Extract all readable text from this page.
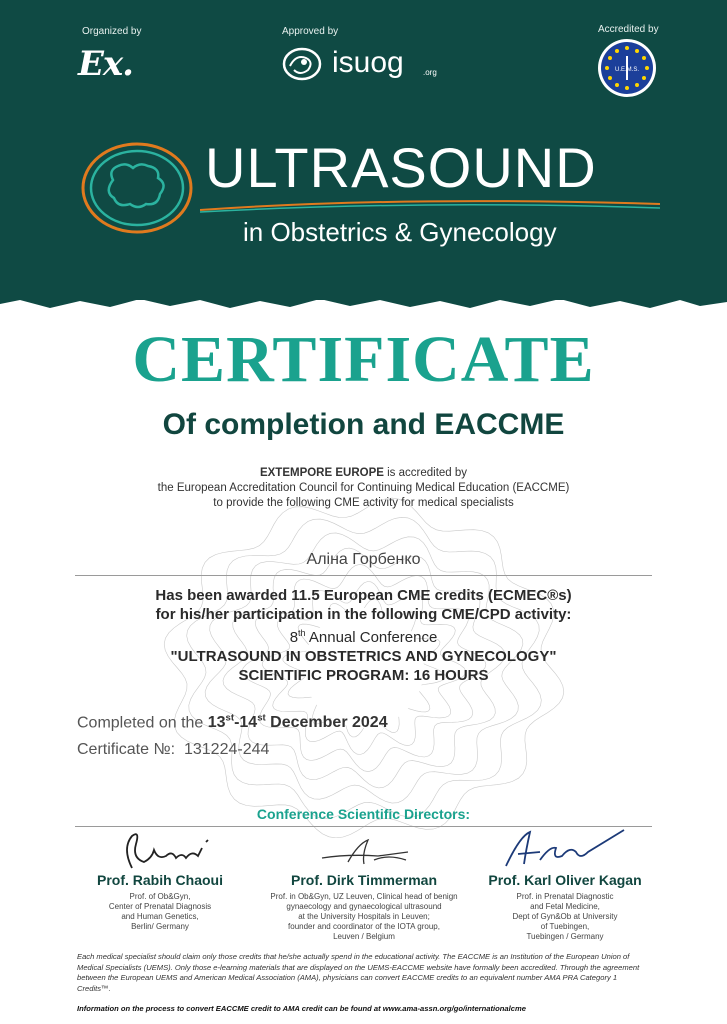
Organized by
Ex.
Approved by
isuog .org
Accredited by
U.E.M.S.
ULTRASOUND
in Obstetrics & Gynecology
CERTIFICATE
Of completion and EACCME
EXTEMPORE EUROPE is accredited by
the European Accreditation Council for Continuing Medical Education (EACCME)
to provide the following CME activity for medical specialists
Аліна Горбенко
Has been awarded 11.5 European CME credits (ECMEC®s)
for his/her participation in the following CME/CPD activity:
8th Annual Conference
"ULTRASOUND IN OBSTETRICS AND GYNECOLOGY"
SCIENTIFIC PROGRAM: 16 HOURS
Completed on the 13st-14st December 2024
Certificate №: 131224-244
Conference Scientific Directors:
Prof. Rabih Chaoui
Prof. of Ob&Gyn,
Center of Prenatal Diagnosis
and Human Genetics,
Berlin/ Germany
Prof. Dirk Timmerman
Prof. in Ob&Gyn, UZ Leuven, Clinical head of benign
gynaecology and gynaecological ultrasound
at the University Hospitals in Leuven;
founder and coordinator of the IOTA group,
Leuven / Belgium
Prof. Karl Oliver Kagan
Prof. in Prenatal Diagnostic
and Fetal Medicine,
Dept of Gyn&Ob at University
of Tuebingen,
Tuebingen / Germany
Each medical specialist should claim only those credits that he/she actually spend in the educational activity. The EACCME is an Institution of the European Union of Medical Specialists (UEMS). Only those e-learning materials that are displayed on the UEMS-EACCME website have formally been accredited. Through the agreement between the European UEMS and American Medical Association (AMA), physicians can convert EACCME credits to an equivalent number AMA PRA Category 1 Credits™.
Information on the process to convert EACCME credit to AMA credit can be found at www.ama-assn.org/go/internationalcme
